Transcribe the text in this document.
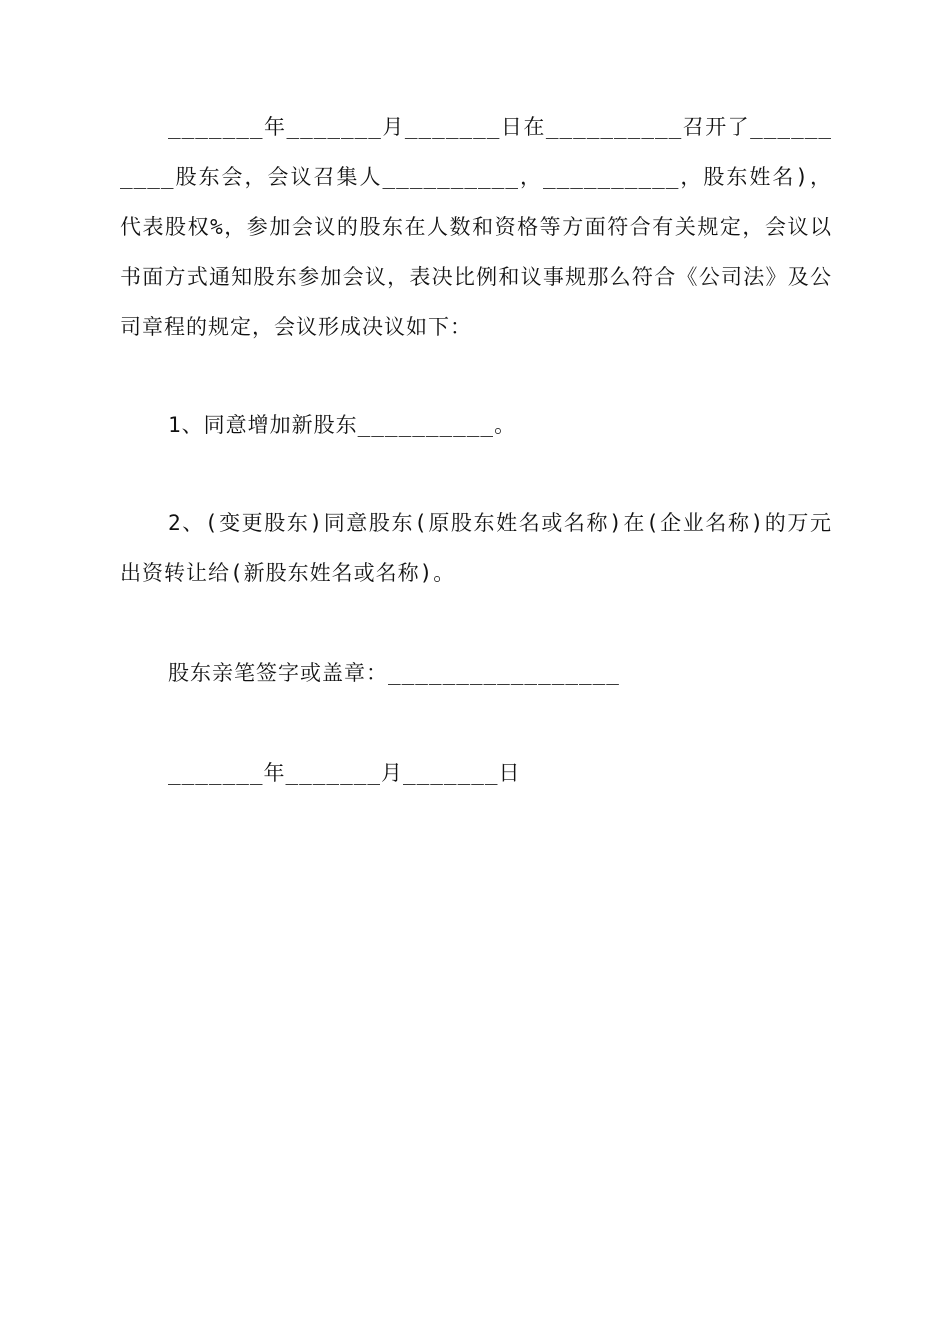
_______年_______月_______日在__________召开了__________股东会，会议召集人__________，__________，股东姓名)，代表股权%，参加会议的股东在人数和资格等方面符合有关规定，会议以书面方式通知股东参加会议，表决比例和议事规那么符合《公司法》及公司章程的规定，会议形成决议如下：

1、同意增加新股东__________。

2、(变更股东)同意股东(原股东姓名或名称)在(企业名称)的万元出资转让给(新股东姓名或名称)。

股东亲笔签字或盖章：_________________

_______年_______月_______日
